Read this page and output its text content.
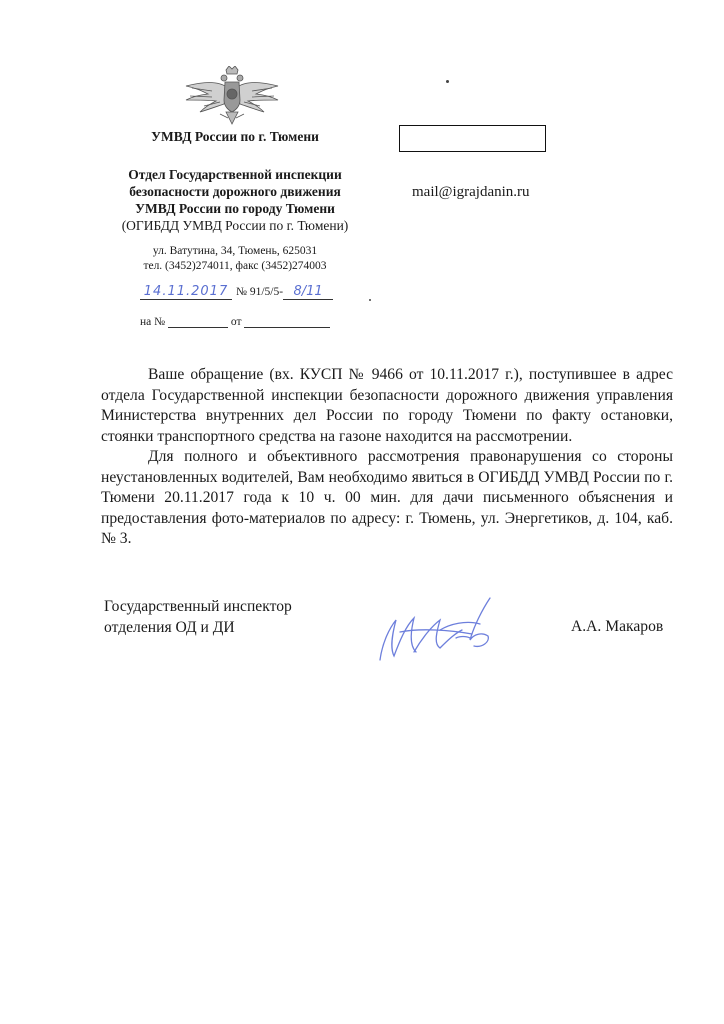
УМВД России по г. Тюмени
Отдел Государственной инспекции
безопасности дорожного движения
УМВД России по городу Тюмени
(ОГИБДД УМВД России по г. Тюмени)
ул. Ватутина, 34, Тюмень, 625031
тел. (3452)274011, факс (3452)274003
14.11.2017 № 91/5/5- 8/11
на №	от
mail@igrajdanin.ru

Ваше обращение (вх. КУСП № 9466 от 10.11.2017 г.), поступившее в адрес отдела Государственной инспекции безопасности дорожного движения управления Министерства внутренних дел России по городу Тюмени по факту остановки, стоянки транспортного средства на газоне находится на рассмотрении.

Для полного и объективного рассмотрения правонарушения со стороны неустановленных водителей, Вам необходимо явиться в ОГИБДД УМВД России по г. Тюмени 20.11.2017 года к 10 ч. 00 мин. для дачи письменного объяснения и предоставления фото-материалов по адресу: г. Тюмень, ул. Энергетиков, д. 104, каб. № 3.

Государственный инспектор
отделения ОД и ДИ	А.А. Макаров
